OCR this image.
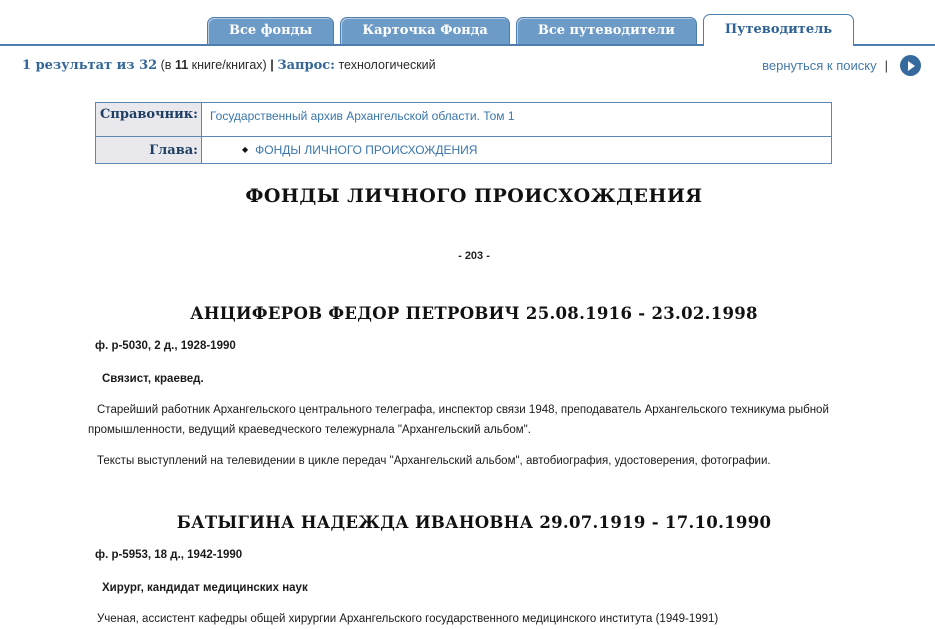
Все фонды	Карточка Фонда	Все путеводители	Путеводитель
1 результат из 32 (в 11 книге/книгах) | Запрос: технологический	вернуться к поиску |
Справочник:	Государственный архив Архангельской области. Том 1
Глава:	◆ ФОНДЫ ЛИЧНОГО ПРОИСХОЖДЕНИЯ
ФОНДЫ ЛИЧНОГО ПРОИСХОЖДЕНИЯ
- 203 -
АНЦИФЕРОВ ФЕДОР ПЕТРОВИЧ 25.08.1916 - 23.02.1998

ф. р-5030, 2 д., 1928-1990

Связист, краевед.

Старейший работник Архангельского центрального телеграфа, инспектор связи 1948, преподаватель Архангельского техникума рыбной промышленности, ведущий краеведческого тележурнала "Архангельский альбом".

Тексты выступлений на телевидении в цикле передач "Архангельский альбом", автобиография, удостоверения, фотографии.

БАТЫГИНА НАДЕЖДА ИВАНОВНА 29.07.1919 - 17.10.1990

ф. р-5953, 18 д., 1942-1990

Хирург, кандидат медицинских наук

Ученая, ассистент кафедры общей хирургии Архангельского государственного медицинского института (1949-1991)
